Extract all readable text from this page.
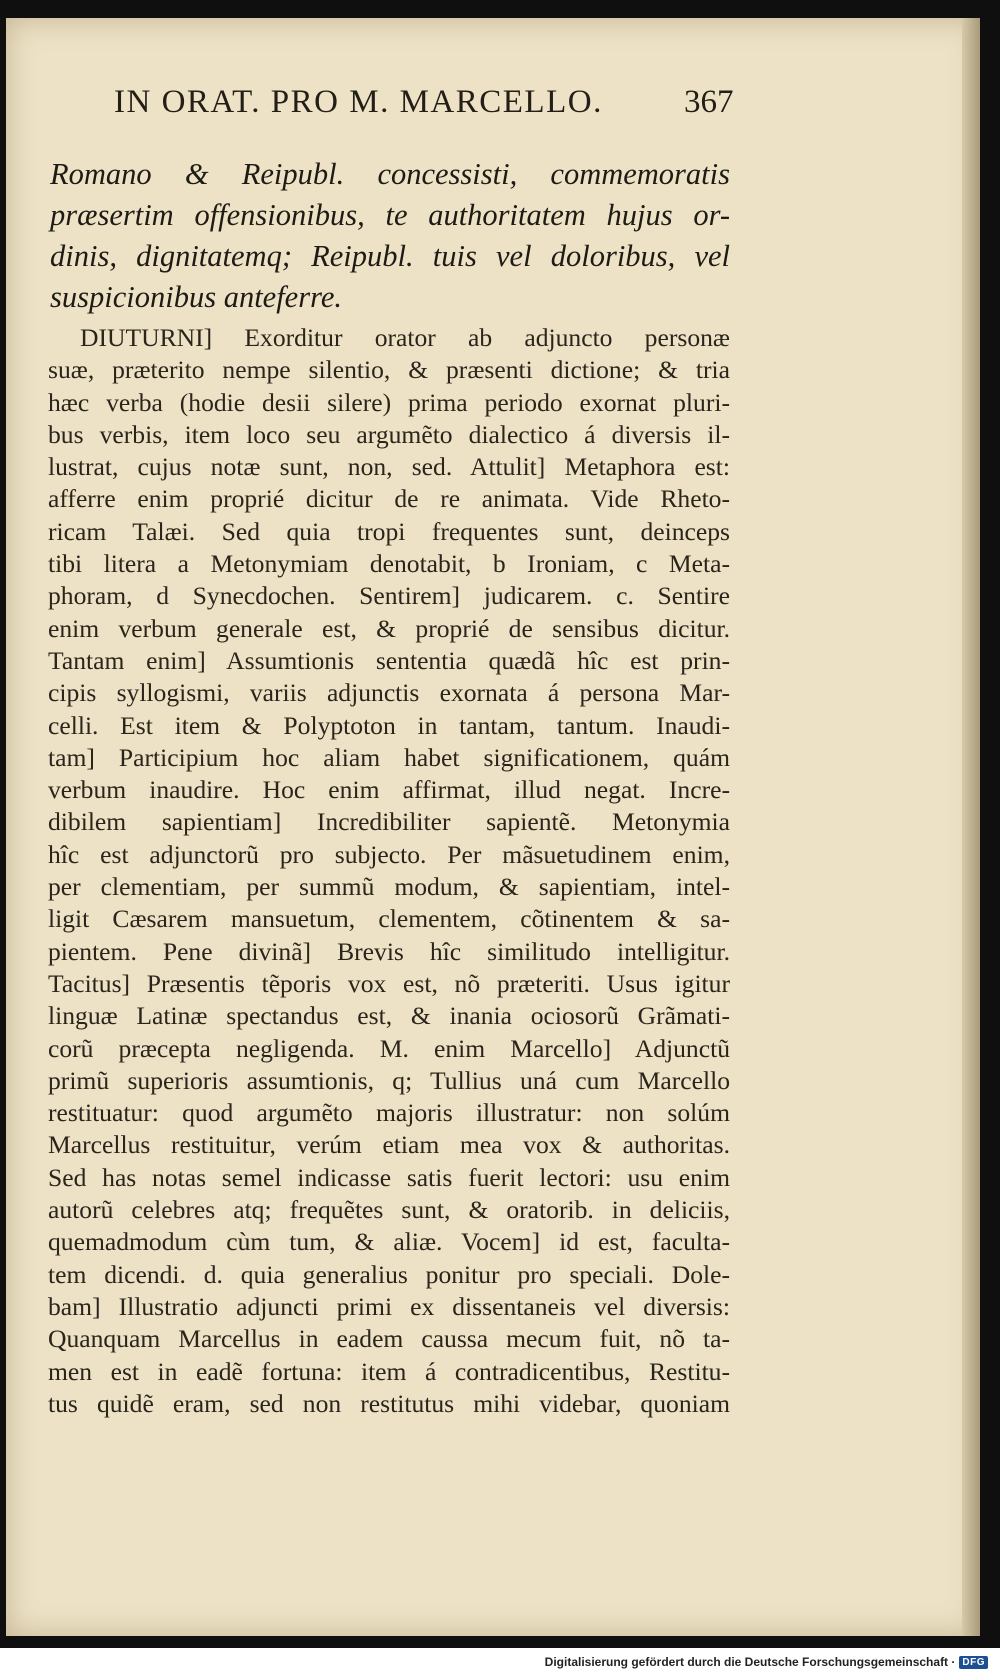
IN ORAT. PRO M. MARCELLO.	367
Romano & Reipubl. concessisti, commemoratis
præsertim offensionibus, te authoritatem hujus or-
dinis, dignitatemq; Reipubl. tuis vel doloribus, vel
suspicionibus anteferre.
DIUTURNI] Exorditur orator ab adjuncto personæ
suæ, præterito nempe silentio, & præsenti dictione; & tria
hæc verba (hodie desii silere) prima periodo exornat pluri-
bus verbis, item loco seu argumẽto dialectico á diversis il-
lustrat, cujus notæ sunt, non, sed. Attulit] Metaphora est:
afferre enim proprié dicitur de re animata. Vide Rheto-
ricam Talæi. Sed quia tropi frequentes sunt, deinceps
tibi litera a Metonymiam denotabit, b Ironiam, c Meta-
phoram, d Synecdochen. Sentirem] judicarem. c. Sentire
enim verbum generale est, & proprié de sensibus dicitur.
Tantam enim] Assumtionis sententia quædã hîc est prin-
cipis syllogismi, variis adjunctis exornata á persona Mar-
celli. Est item & Polyptoton in tantam, tantum. Inaudi-
tam] Participium hoc aliam habet significationem, quám
verbum inaudire. Hoc enim affirmat, illud negat. Incre-
dibilem sapientiam] Incredibiliter sapientẽ. Metonymia
hîc est adjunctorũ pro subjecto. Per mãsuetudinem enim,
per clementiam, per summũ modum, & sapientiam, intel-
ligit Cæsarem mansuetum, clementem, cõtinentem & sa-
pientem. Pene divinã] Brevis hîc similitudo intelligitur.
Tacitus] Præsentis tẽporis vox est, nõ præteriti. Usus igitur
linguæ Latinæ spectandus est, & inania ociosorũ Grãmati-
corũ præcepta negligenda. M. enim Marcello] Adjunctũ
primũ superioris assumtionis, q; Tullius uná cum Marcello
restituatur: quod argumẽto majoris illustratur: non solúm
Marcellus restituitur, verúm etiam mea vox & authoritas.
Sed has notas semel indicasse satis fuerit lectori: usu enim
autorũ celebres atq; frequẽtes sunt, & oratorib. in deliciis,
quemadmodum cùm tum, & aliæ. Vocem] id est, faculta-
tem dicendi. d. quia generalius ponitur pro speciali. Dole-
bam] Illustratio adjuncti primi ex dissentaneis vel diversis:
Quanquam Marcellus in eadem caussa mecum fuit, nõ ta-
men est in eadẽ fortuna: item á contradicentibus, Restitu-
tus quidẽ eram, sed non restitutus mihi videbar, quoniam
Digitalisierung gefördert durch die Deutsche Forschungsgemeinschaft · DFG
